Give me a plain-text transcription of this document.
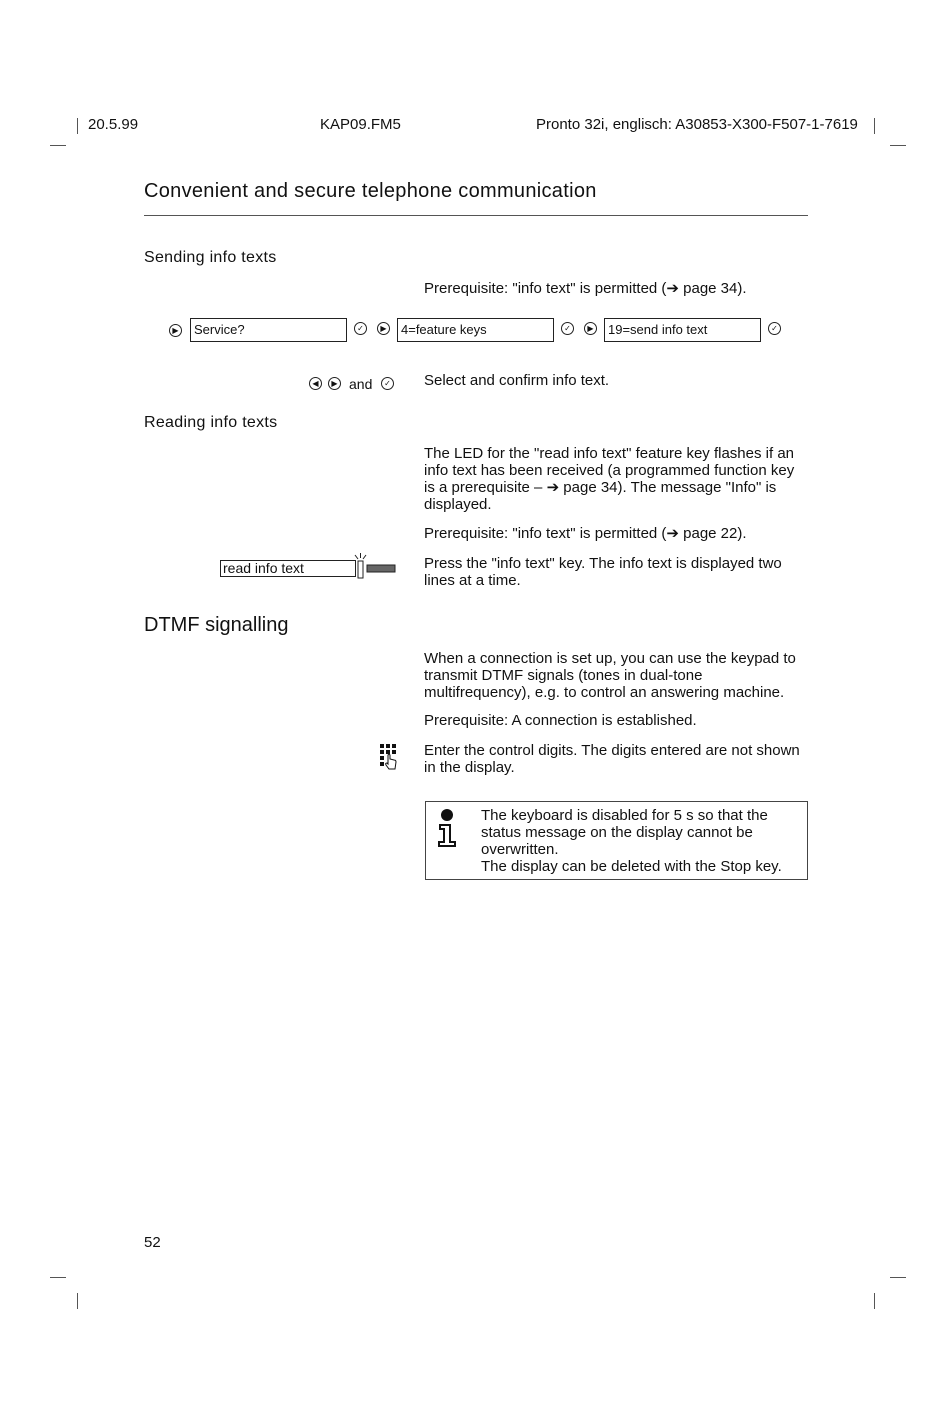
20.5.99	KAP09.FM5	Pronto 32i, englisch: A30853-X300-F507-1-7619
Convenient and secure telephone communication
Sending info texts
Prerequisite: "info text" is permitted (➔ page 34).
▶	Service?	✓	▶	4=feature keys	✓	▶	19=send info text	✓
◀	▶ and	✓ Select and confirm info text.
Reading info texts
The LED for the "read info text" feature key flashes if an info text has been received (a programmed function key is a prerequisite – ➔ page 34). The message "Info" is displayed.
Prerequisite: "info text" is permitted (➔ page 22).
read info text	Press the "info text" key. The info text is displayed two lines at a time.
DTMF signalling
When a connection is set up, you can use the keypad to transmit DTMF signals (tones in dual-tone multifrequency), e.g. to control an answering machine.
Prerequisite: A connection is established.
Enter the control digits. The digits entered are not shown in the display.
The keyboard is disabled for 5 s so that the status message on the display cannot be overwritten.
The display can be deleted with the Stop key.
52
